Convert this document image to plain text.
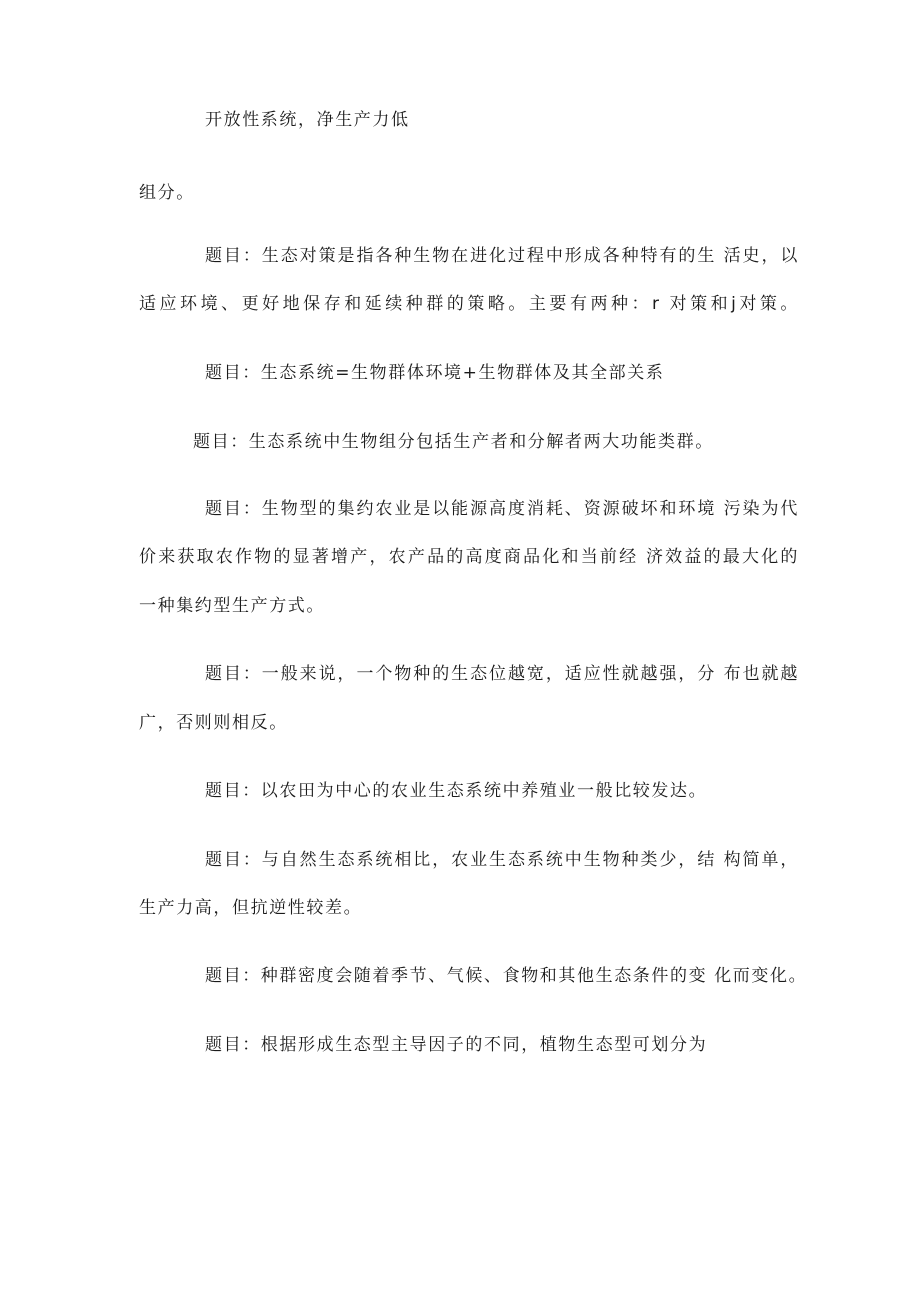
开放性系统，净生产力低
组分。
题目：生态对策是指各种生物在进化过程中形成各种特有的生 活史，以
适应环境、更好地保存和延续种群的策略。主要有两种：r 对策和j对策。
题目：生态系统=生物群体环境+生物群体及其全部关系
题目：生态系统中生物组分包括生产者和分解者两大功能类群。
题目：生物型的集约农业是以能源高度消耗、资源破坏和环境 污染为代
价来获取农作物的显著增产，农产品的高度商品化和当前经 济效益的最大化的
一种集约型生产方式。
题目：一般来说，一个物种的生态位越宽，适应性就越强，分 布也就越
广，否则则相反。
题目：以农田为中心的农业生态系统中养殖业一般比较发达。
题目：与自然生态系统相比，农业生态系统中生物种类少，结 构简单，
生产力高，但抗逆性较差。
题目：种群密度会随着季节、气候、食物和其他生态条件的变 化而变化。
题目：根据形成生态型主导因子的不同，植物生态型可划分为
